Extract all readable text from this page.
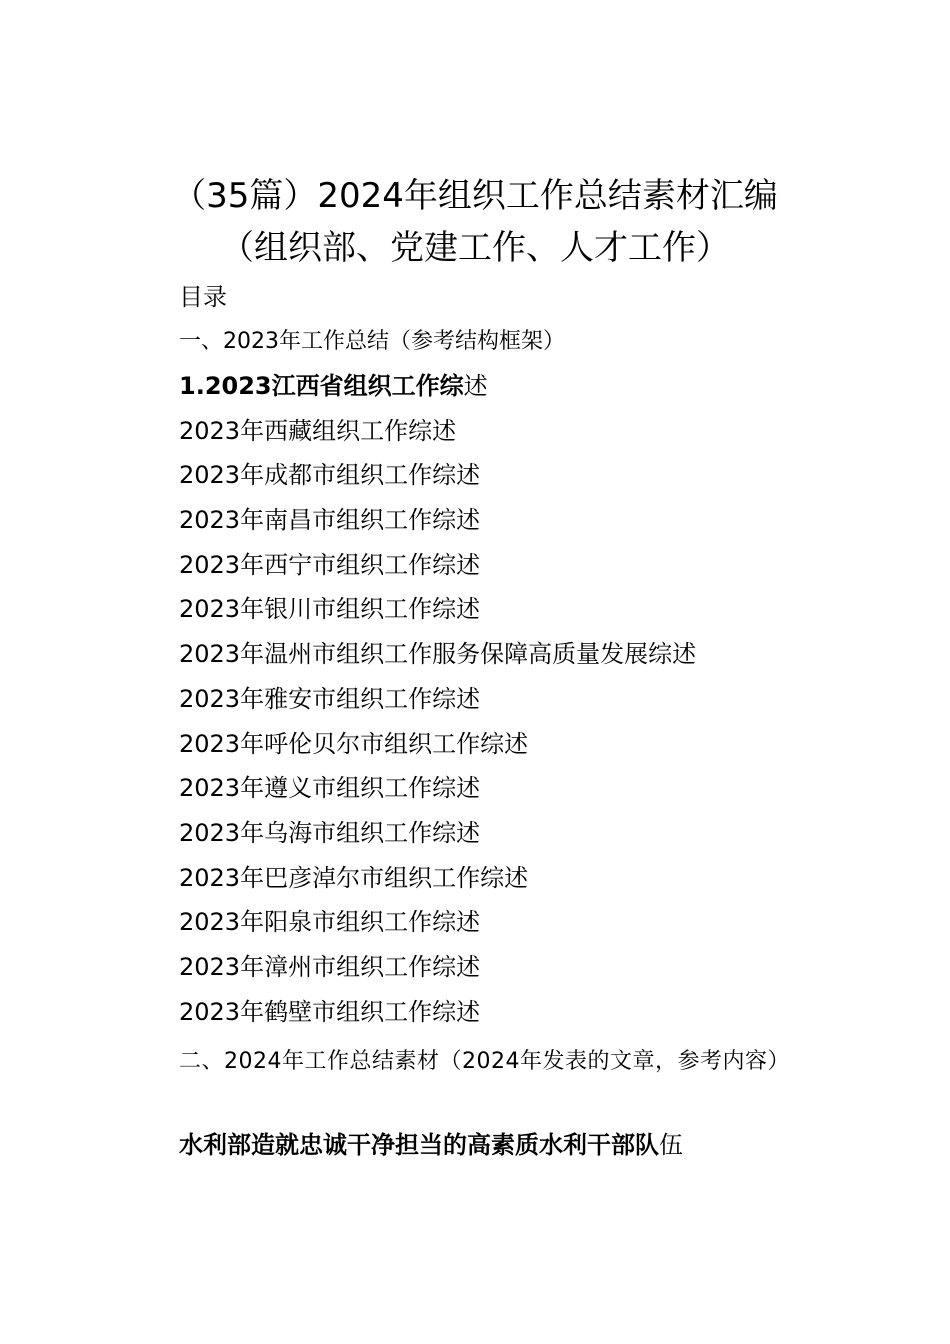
（35篇）2024年组织工作总结素材汇编
（组织部、党建工作、人才工作）
目录
一、2023年工作总结（参考结构框架）
1.2023江西省组织工作综述
2023年西藏组织工作综述
2023年成都市组织工作综述
2023年南昌市组织工作综述
2023年西宁市组织工作综述
2023年银川市组织工作综述
2023年温州市组织工作服务保障高质量发展综述
2023年雅安市组织工作综述
2023年呼伦贝尔市组织工作综述
2023年遵义市组织工作综述
2023年乌海市组织工作综述
2023年巴彦淖尔市组织工作综述
2023年阳泉市组织工作综述
2023年漳州市组织工作综述
2023年鹤壁市组织工作综述
二、2024年工作总结素材（2024年发表的文章，参考内容）
水利部造就忠诚干净担当的高素质水利干部队伍
